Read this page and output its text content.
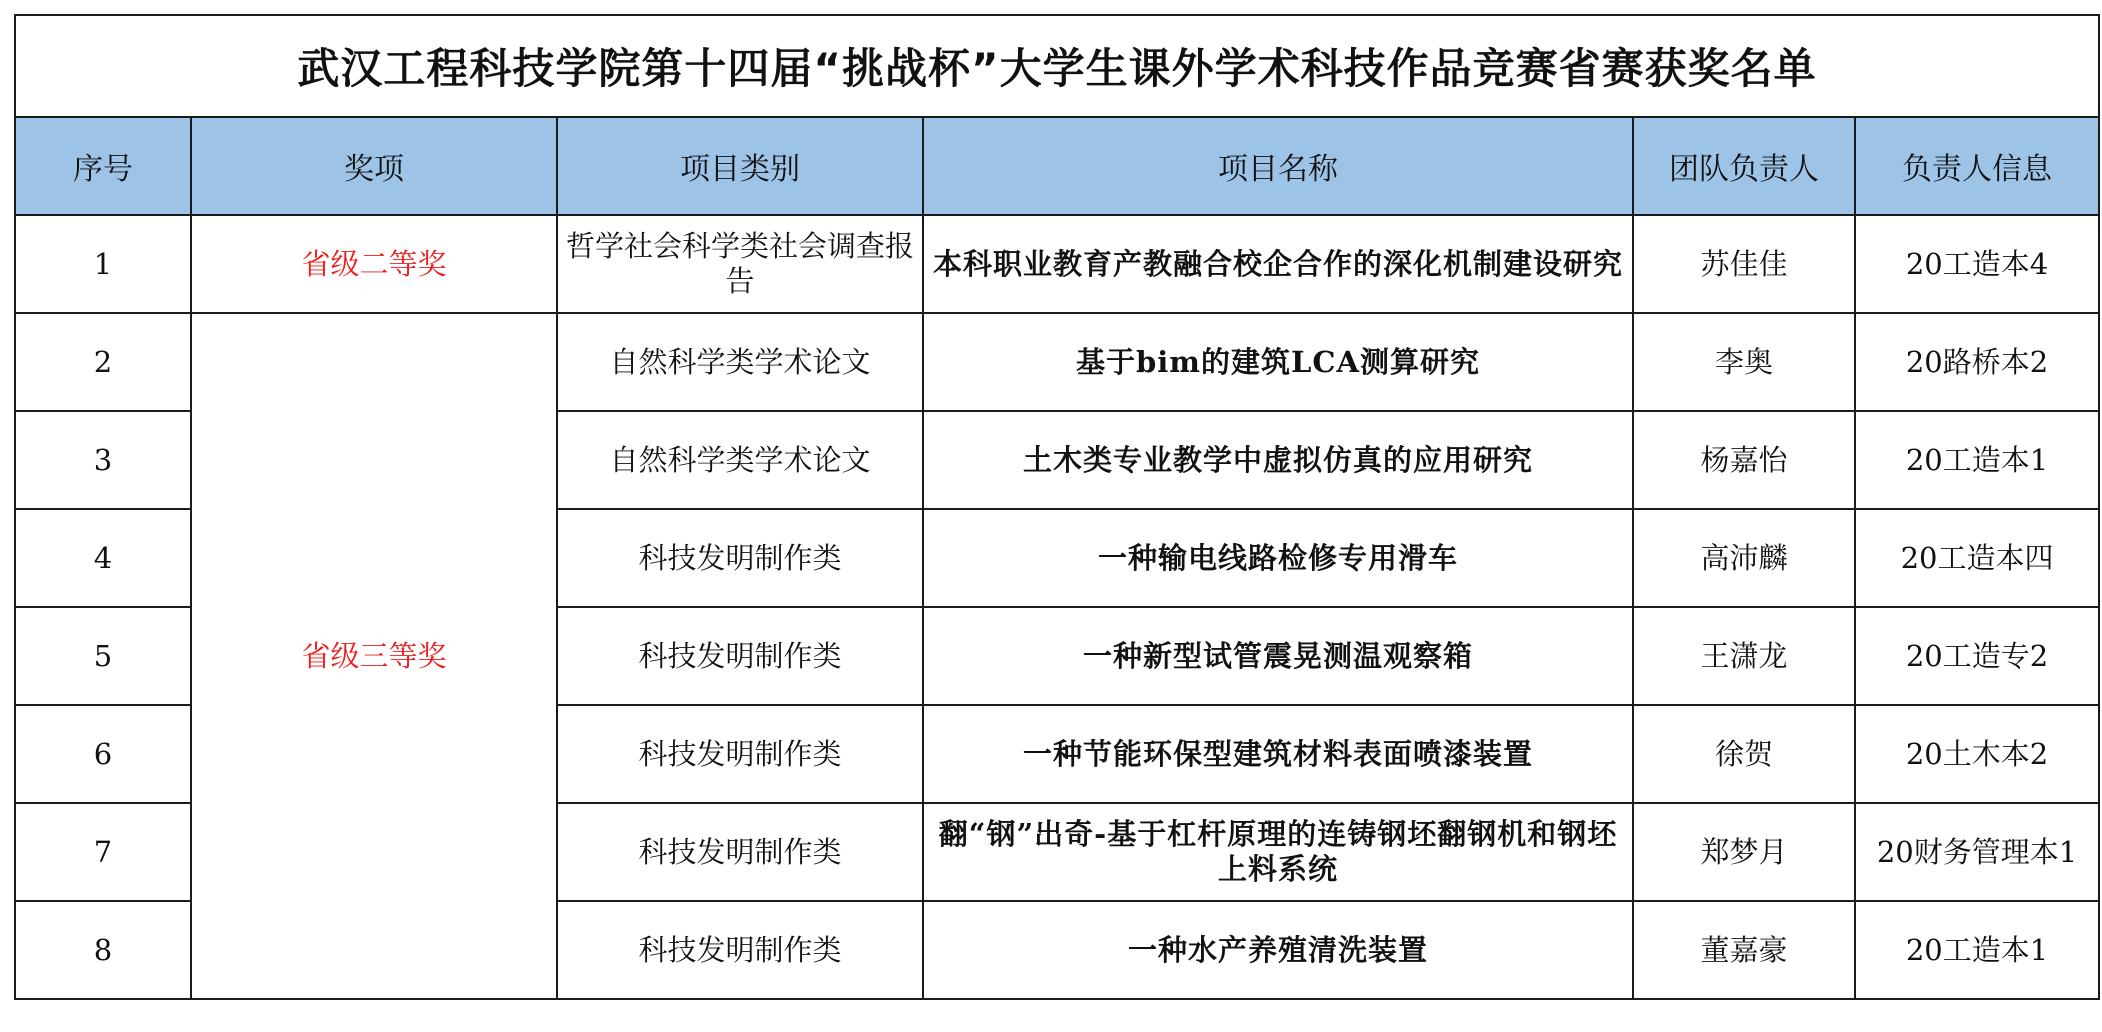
武汉工程科技学院第十四届“挑战杯”大学生课外学术科技作品竞赛省赛获奖名单					
序号	奖项	项目类别	项目名称	团队负责人	负责人信息
1	省级二等奖	哲学社会科学类社会调查报告	本科职业教育产教融合校企合作的深化机制建设研究	苏佳佳	20工造本4
2	省级三等奖	自然科学类学术论文	基于bim的建筑LCA测算研究	李奥	20路桥本2
3		自然科学类学术论文	土木类专业教学中虚拟仿真的应用研究	杨嘉怡	20工造本1
4		科技发明制作类	一种输电线路检修专用滑车	高沛麟	20工造本四
5		科技发明制作类	一种新型试管震晃测温观察箱	王潇龙	20工造专2
6		科技发明制作类	一种节能环保型建筑材料表面喷漆装置	徐贺	20土木本2
7		科技发明制作类	翻“钢”出奇-基于杠杆原理的连铸钢坯翻钢机和钢坯上料系统	郑梦月	20财务管理本1
8		科技发明制作类	一种水产养殖清洗装置	董嘉豪	20工造本1
